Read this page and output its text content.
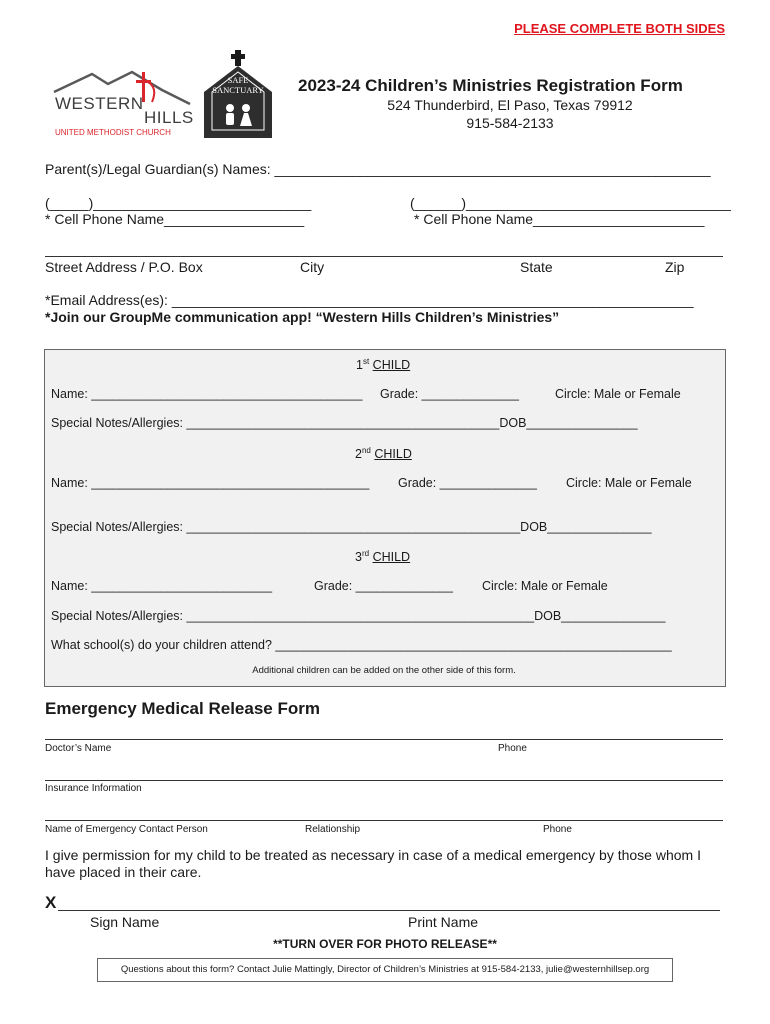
PLEASE COMPLETE BOTH SIDES
WESTERN
HILLS
UNITED METHODIST CHURCH
SAFE
SANCTUARY	2023-24 Children’s Ministries Registration Form
524 Thunderbird, El Paso, Texas 79912
915-584-2133
Parent(s)/Legal Guardian(s) Names: ________________________________________________________
(_____)____________________________	(______)__________________________________
* Cell Phone Name__________________	* Cell Phone Name______________________
Street Address / P.O. Box	City	State	Zip
*Email Address(es): ___________________________________________________________________
*Join our GroupMe communication app! “Western Hills Children’s Ministries”
1st CHILD
Name: _______________________________________ Grade: ______________	Circle: Male or Female
Special Notes/Allergies: _____________________________________________DOB________________
2nd CHILD
Name: ________________________________________ Grade: ______________ Circle: Male or Female
Special Notes/Allergies: ________________________________________________DOB_______________
3rd CHILD
Name: __________________________	Grade: ______________ Circle: Male or Female
Special Notes/Allergies: __________________________________________________DOB_______________
What school(s) do your children attend? _________________________________________________________
Additional children can be added on the other side of this form.
Emergency Medical Release Form
Doctor’s Name	Phone
Insurance Information
Name of Emergency Contact Person	Relationship	Phone
I give permission for my child to be treated as necessary in case of a medical emergency by those whom I have placed in their care.
X
Sign Name	Print Name
**TURN OVER FOR PHOTO RELEASE**
Questions about this form? Contact Julie Mattingly, Director of Children’s Ministries at 915-584-2133, julie@westernhillsep.org
